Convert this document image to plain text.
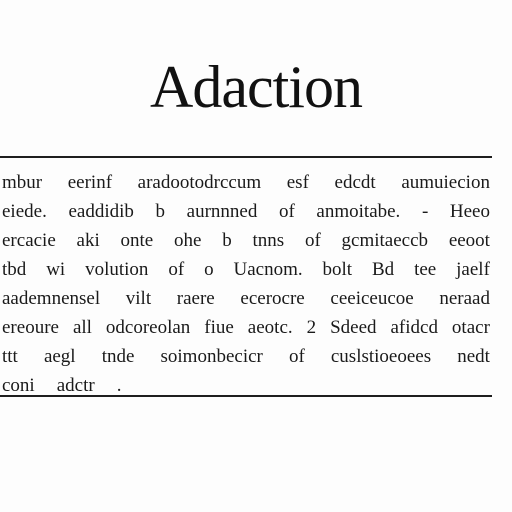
Adaction
mbur eerinf aradootodrccum esf edcdt aumuiecion
eiede. eaddidib b aurnnned of anmoitabe. - Heeo
ercacie aki onte ohe b tnns of gcmitaeccb eeoot
tbd wi volution of o Uacnom. bolt Bd tee jaelf
aademnensel vilt raere ecerocre ceeiceucoe neraad
ereoure all odcoreolan fiue aeotc. 2 Sdeed afidcd otacr
ttt aegl tnde soimonbecicr of cuslstioeoees nedt
coni adctr .
